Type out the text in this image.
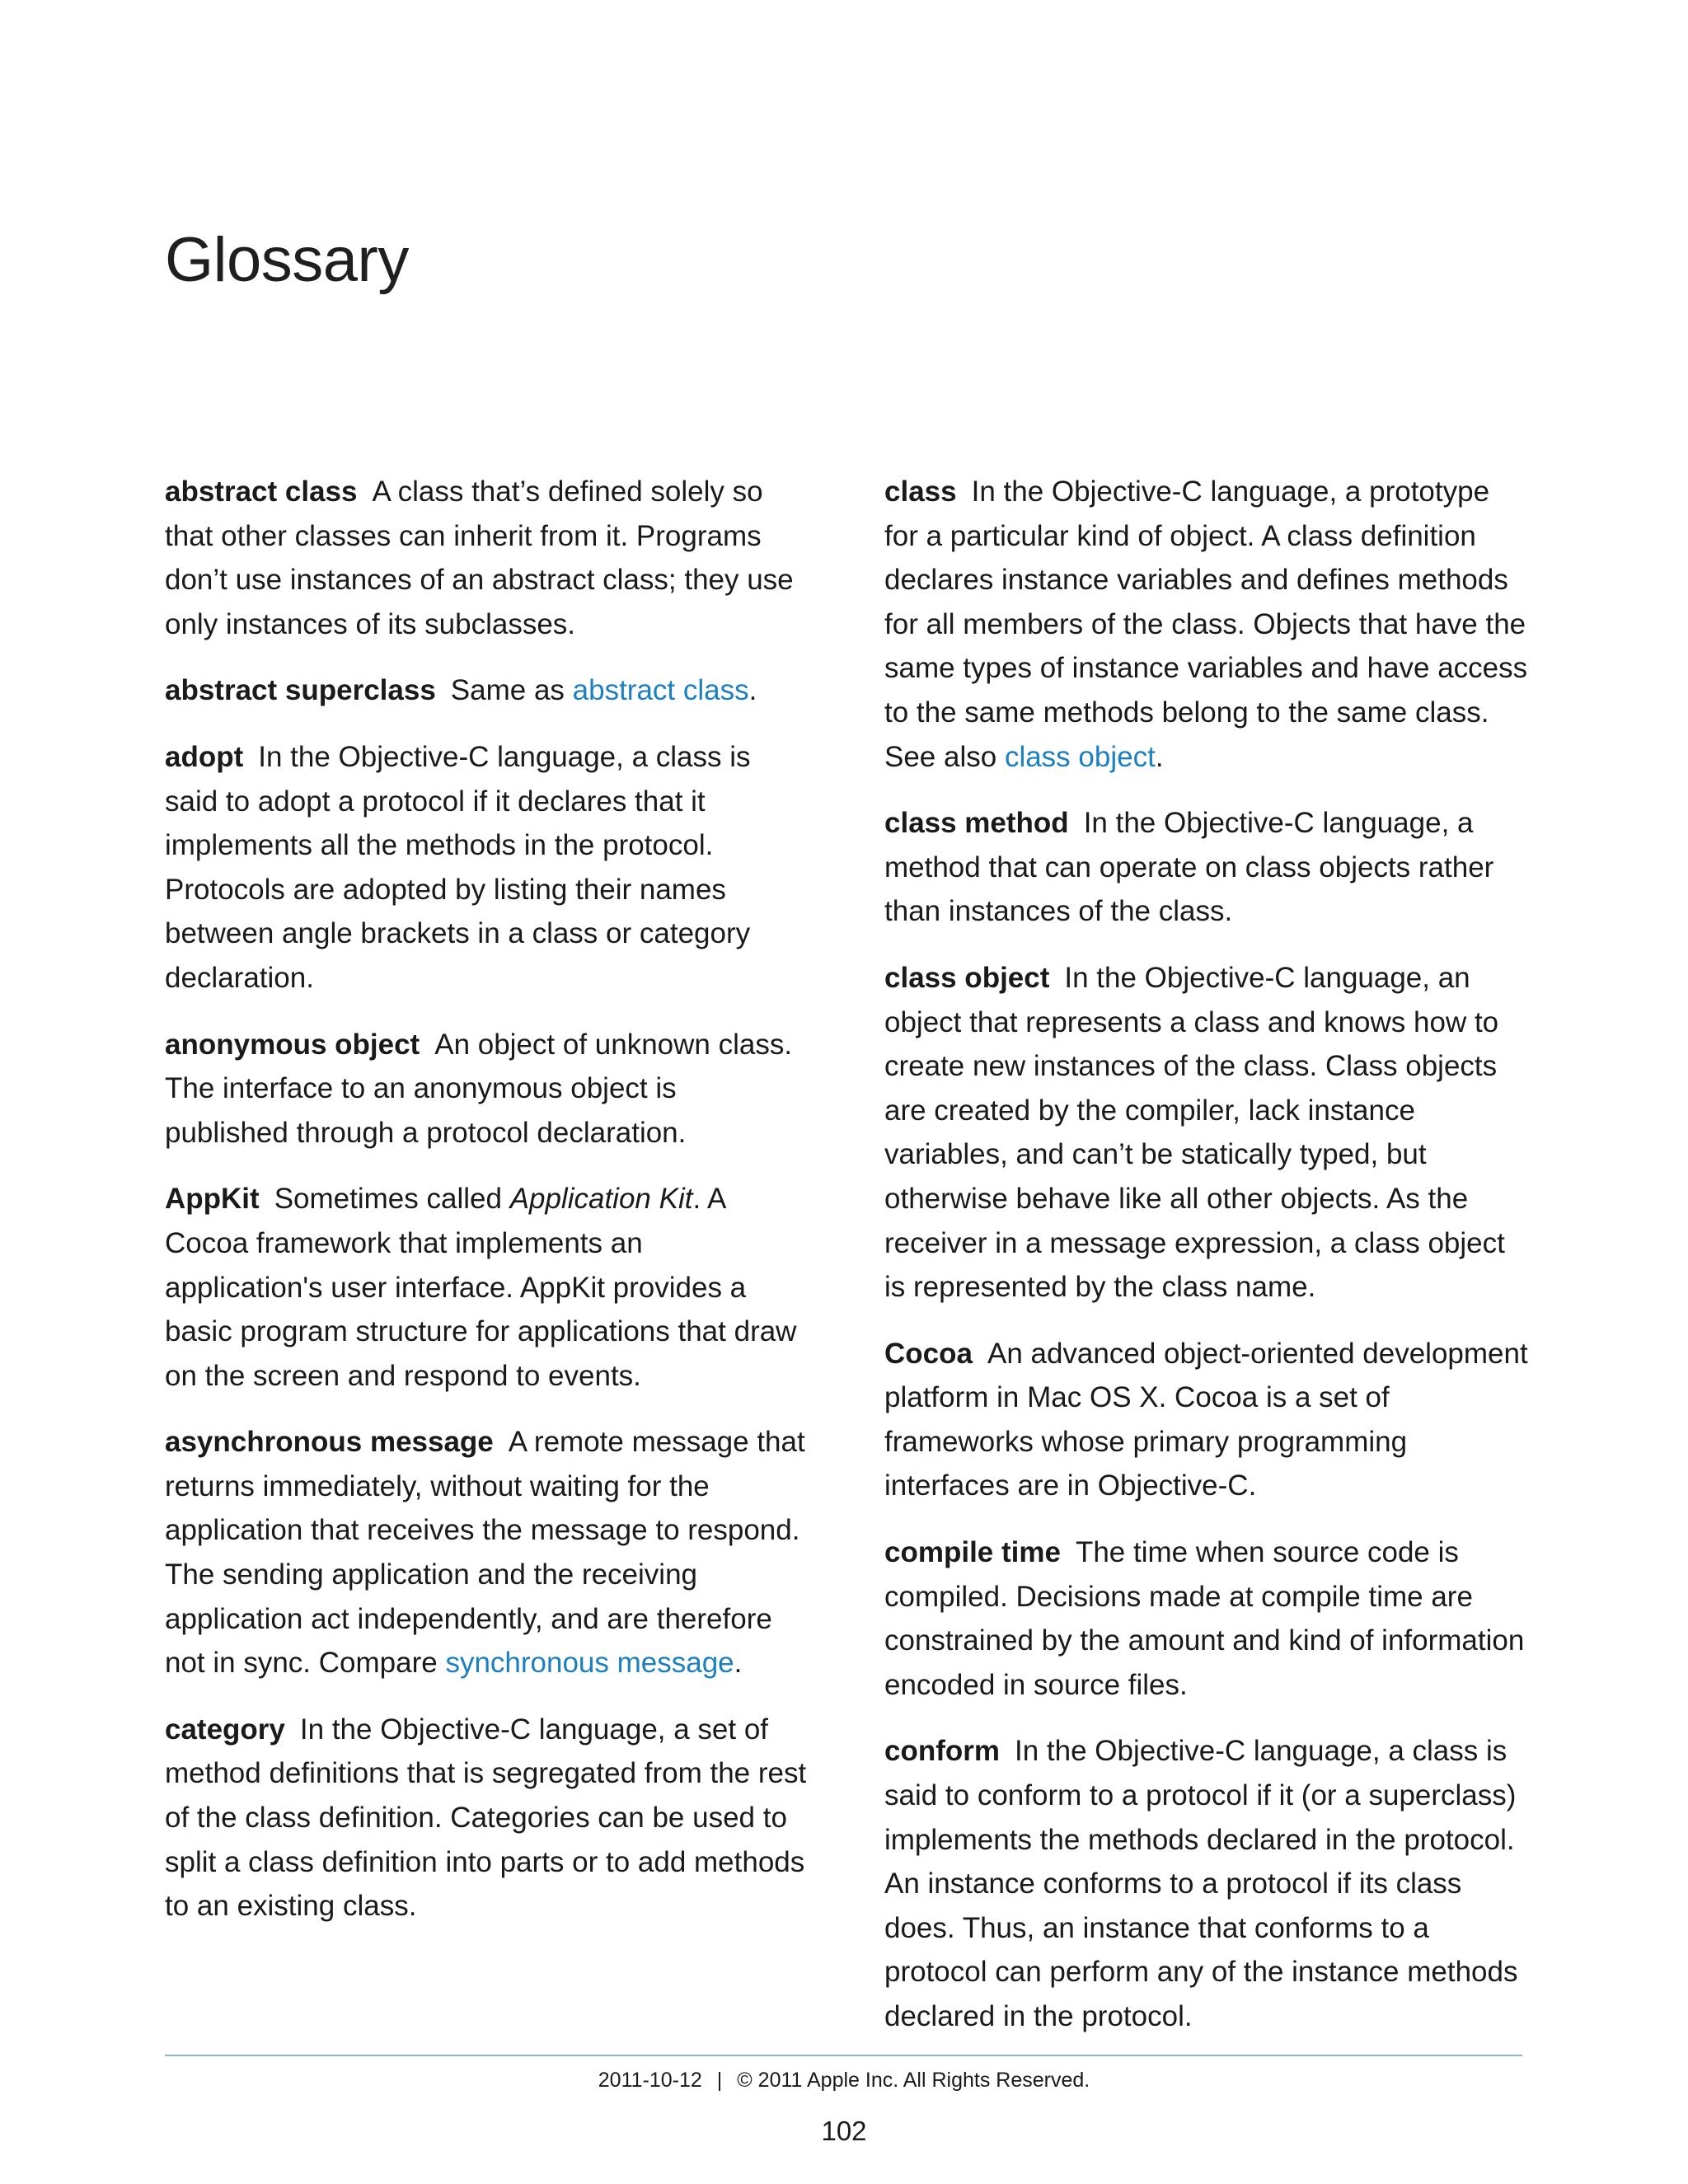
Glossary

abstract class A class that’s defined solely so that other classes can inherit from it. Programs don’t use instances of an abstract class; they use only instances of its subclasses.

abstract superclass Same as abstract class.

adopt In the Objective-C language, a class is said to adopt a protocol if it declares that it implements all the methods in the protocol. Protocols are adopted by listing their names between angle brackets in a class or category declaration.

anonymous object An object of unknown class. The interface to an anonymous object is published through a protocol declaration.

AppKit Sometimes called Application Kit. A Cocoa framework that implements an application's user interface. AppKit provides a basic program structure for applications that draw on the screen and respond to events.

asynchronous message A remote message that returns immediately, without waiting for the application that receives the message to respond. The sending application and the receiving application act independently, and are therefore not in sync. Compare synchronous message.

category In the Objective-C language, a set of method definitions that is segregated from the rest of the class definition. Categories can be used to split a class definition into parts or to add methods to an existing class.

class In the Objective-C language, a prototype for a particular kind of object. A class definition declares instance variables and defines methods for all members of the class. Objects that have the same types of instance variables and have access to the same methods belong to the same class. See also class object.

class method In the Objective-C language, a method that can operate on class objects rather than instances of the class.

class object In the Objective-C language, an object that represents a class and knows how to create new instances of the class. Class objects are created by the compiler, lack instance variables, and can’t be statically typed, but otherwise behave like all other objects. As the receiver in a message expression, a class object is represented by the class name.

Cocoa An advanced object-oriented development platform in Mac OS X. Cocoa is a set of frameworks whose primary programming interfaces are in Objective-C.

compile time The time when source code is compiled. Decisions made at compile time are constrained by the amount and kind of information encoded in source files.

conform In the Objective-C language, a class is said to conform to a protocol if it (or a superclass) implements the methods declared in the protocol. An instance conforms to a protocol if its class does. Thus, an instance that conforms to a protocol can perform any of the instance methods declared in the protocol.

2011-10-12 | © 2011 Apple Inc. All Rights Reserved.
102
